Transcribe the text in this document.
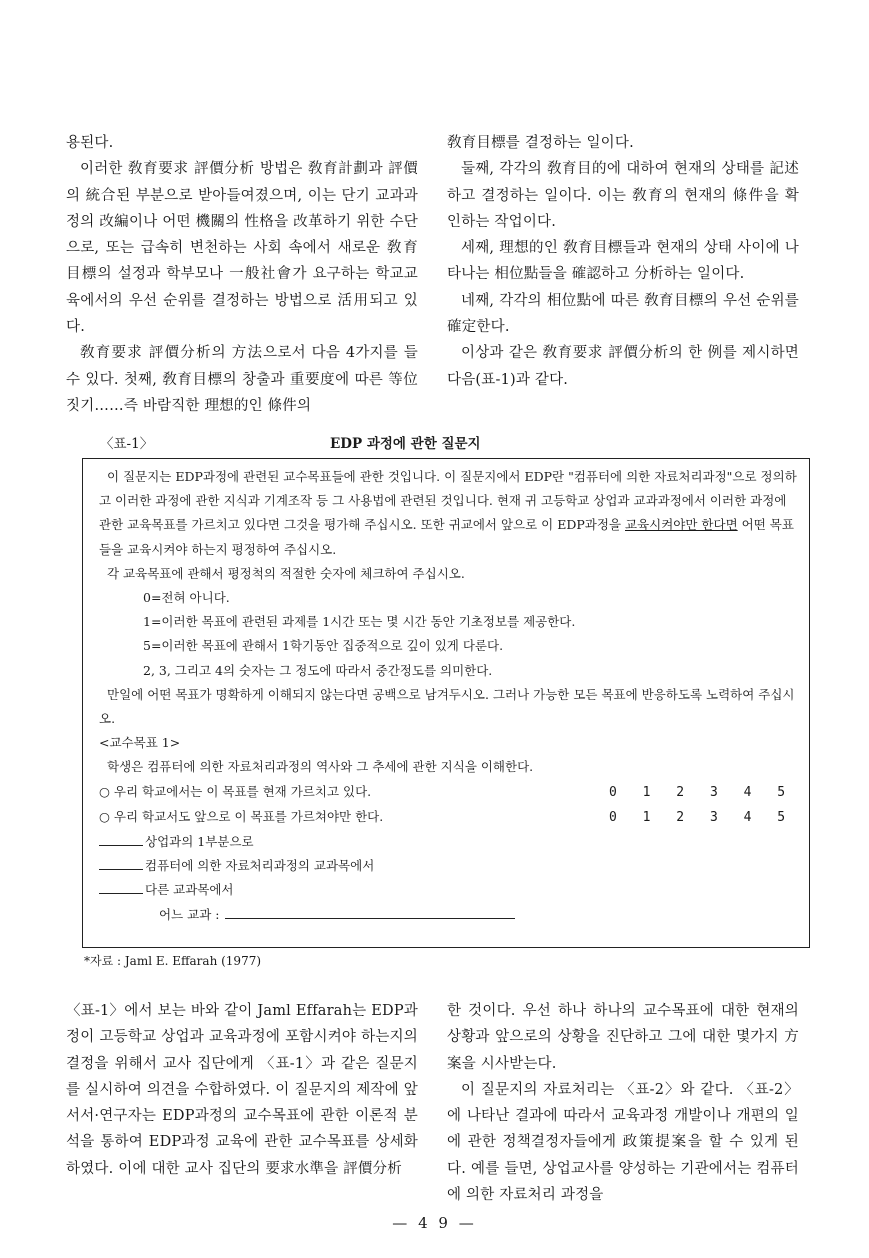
용된다.

이러한 敎育要求 評價分析 방법은 敎育計劃과 評價의 統合된 부분으로 받아들여졌으며, 이는 단기 교과과정의 改編이나 어떤 機關의 性格을 改革하기 위한 수단으로, 또는 급속히 변천하는 사회 속에서 새로운 敎育目標의 설정과 학부모나 一般社會가 요구하는 학교교육에서의 우선 순위를 결정하는 방법으로 活用되고 있다.

敎育要求 評價分析의 方法으로서 다음 4가지를 들 수 있다. 첫째, 敎育目標의 창출과 重要度에 따른 等位짓기……즉 바람직한 理想的인 條件의

敎育目標를 결정하는 일이다.

둘째, 각각의 敎育目的에 대하여 현재의 상태를 記述하고 결정하는 일이다. 이는 敎育의 현재의 條件을 확인하는 작업이다.

세째, 理想的인 敎育目標들과 현재의 상태 사이에 나타나는 相位點들을 確認하고 分析하는 일이다.

네째, 각각의 相位點에 따른 敎育目標의 우선 순위를 確定한다.

이상과 같은 敎育要求 評價分析의 한 例를 제시하면 다음(표-1)과 같다.

〈표-1〉	EDP 과정에 관한 질문지

이 질문지는 EDP과정에 관련된 교수목표들에 관한 것입니다. 이 질문지에서 EDP란 "컴퓨터에 의한 자료처리과정"으로 정의하고 이러한 과정에 관한 지식과 기계조작 등 그 사용법에 관련된 것입니다. 현재 귀 고등학교 상업과 교과과정에서 이러한 과정에 관한 교육목표를 가르치고 있다면 그것을 평가해 주십시오. 또한 귀교에서 앞으로 이 EDP과정을 교육시켜야만 한다면 어떤 목표들을 교육시켜야 하는지 평정하여 주십시오.

각 교육목표에 관해서 평정척의 적절한 숫자에 체크하여 주십시오.

0=전혀 아니다.

1=이러한 목표에 관련된 과제를 1시간 또는 몇 시간 동안 기초정보를 제공한다.

5=이러한 목표에 관해서 1학기동안 집중적으로 깊이 있게 다룬다.

2, 3, 그리고 4의 숫자는 그 정도에 따라서 중간정도를 의미한다.

만일에 어떤 목표가 명확하게 이해되지 않는다면 공백으로 남겨두시오. 그러나 가능한 모든 목표에 반응하도록 노력하여 주십시오.

<교수목표 1>

학생은 컴퓨터에 의한 자료처리과정의 역사와 그 추세에 관한 지식을 이해한다.

○ 우리 학교에서는 이 목표를 현재 가르치고 있다.	0 1 2 3 4 5
○ 우리 학교서도 앞으로 이 목표를 가르쳐야만 한다.	0 1 2 3 4 5

상업과의 1부분으로

컴퓨터에 의한 자료처리과정의 교과목에서

다른 교과목에서

어느 교과 :

*자료 : Jaml E. Effarah (1977)

〈표-1〉에서 보는 바와 같이 Jaml Effarah는 EDP과정이 고등학교 상업과 교육과정에 포함시켜야 하는지의 결정을 위해서 교사 집단에게 〈표-1〉과 같은 질문지를 실시하여 의견을 수합하였다. 이 질문지의 제작에 앞서서·연구자는 EDP과정의 교수목표에 관한 이론적 분석을 통하여 EDP과정 교육에 관한 교수목표를 상세화 하였다. 이에 대한 교사 집단의 要求水準을 評價分析

한 것이다. 우선 하나 하나의 교수목표에 대한 현재의 상황과 앞으로의 상황을 진단하고 그에 대한 몇가지 方案을 시사받는다.

이 질문지의 자료처리는 〈표-2〉와 같다. 〈표-2〉에 나타난 결과에 따라서 교육과정 개발이나 개편의 일에 관한 정책결정자들에게 政策提案을 할 수 있게 된다. 예를 들면, 상업교사를 양성하는 기관에서는 컴퓨터에 의한 자료처리 과정을

— 4 9 —
